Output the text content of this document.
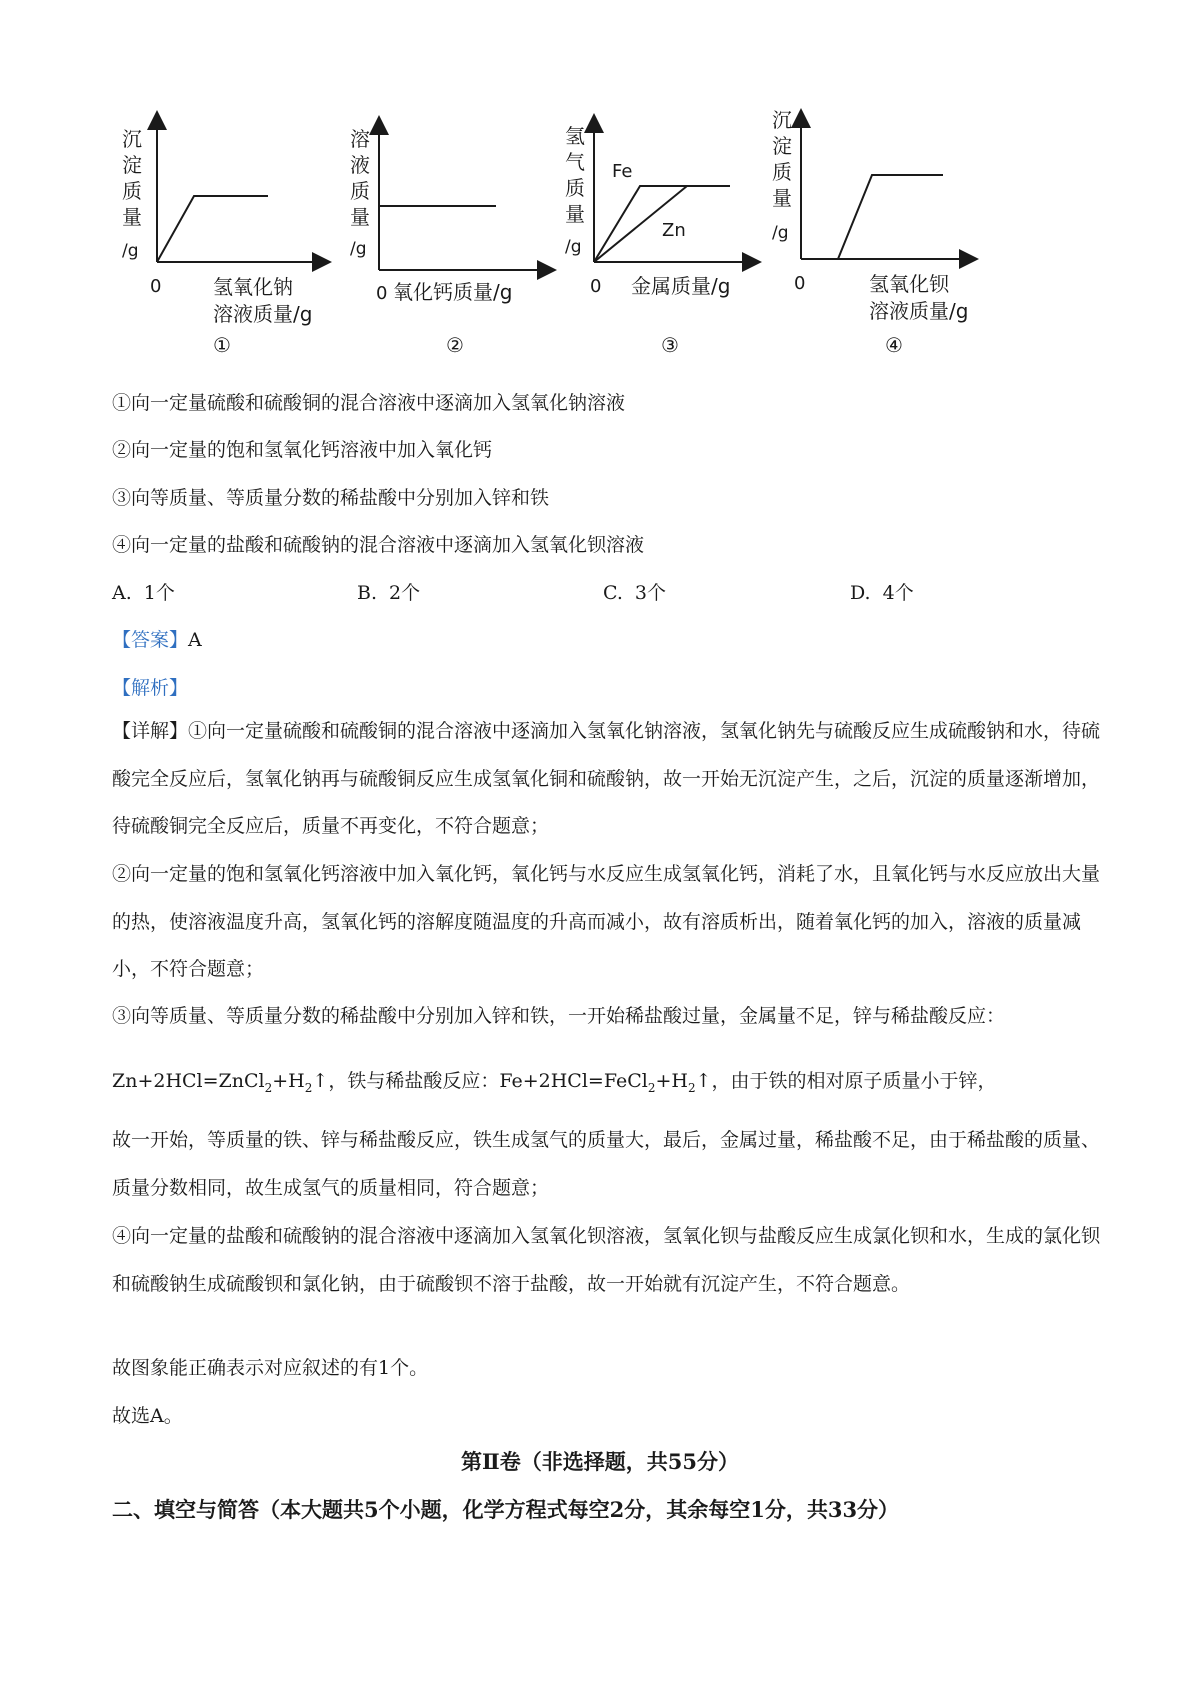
沉
淀
质
量
/g
0	氢氧化钠
溶液质量/g
①
溶
液
质
量
/g
0 氧化钙质量/g
②
Fe
Zn
氢
气
质
量
/g
0 金属质量/g
③
沉
淀
质
量
/g
0	氢氧化钡
溶液质量/g
④
①向一定量硫酸和硫酸铜的混合溶液中逐滴加入氢氧化钠溶液
②向一定量的饱和氢氧化钙溶液中加入氧化钙
③向等质量、等质量分数的稀盐酸中分别加入锌和铁
④向一定量的盐酸和硫酸钠的混合溶液中逐滴加入氢氧化钡溶液
A. 1个	B. 2个	C. 3个	D. 4个
【答案】A
【解析】
【详解】①向一定量硫酸和硫酸铜的混合溶液中逐滴加入氢氧化钠溶液，氢氧化钠先与硫酸反应生成硫酸钠和水，待硫酸完全反应后，氢氧化钠再与硫酸铜反应生成氢氧化铜和硫酸钠，故一开始无沉淀产生，之后，沉淀的质量逐渐增加，待硫酸铜完全反应后，质量不再变化，不符合题意；
②向一定量的饱和氢氧化钙溶液中加入氧化钙，氧化钙与水反应生成氢氧化钙，消耗了水，且氧化钙与水反应放出大量的热，使溶液温度升高，氢氧化钙的溶解度随温度的升高而减小，故有溶质析出，随着氧化钙的加入，溶液的质量减小，不符合题意；
③向等质量、等质量分数的稀盐酸中分别加入锌和铁，一开始稀盐酸过量，金属量不足，锌与稀盐酸反应：
$Zn+2HCl=ZnCl_2+H_2↑$，铁与稀盐酸反应：$Fe+2HCl=FeCl_2+H_2↑$，由于铁的相对原子质量小于锌，
故一开始，等质量的铁、锌与稀盐酸反应，铁生成氢气的质量大，最后，金属过量，稀盐酸不足，由于稀盐酸的质量、质量分数相同，故生成氢气的质量相同，符合题意；
④向一定量的盐酸和硫酸钠的混合溶液中逐滴加入氢氧化钡溶液，氢氧化钡与盐酸反应生成氯化钡和水，生成的氯化钡和硫酸钠生成硫酸钡和氯化钠，由于硫酸钡不溶于盐酸，故一开始就有沉淀产生，不符合题意。
故图象能正确表示对应叙述的有1个。
故选A。
第Ⅱ卷（非选择题，共55分）
二、填空与简答（本大题共5个小题，化学方程式每空2分，其余每空1分，共33分）
